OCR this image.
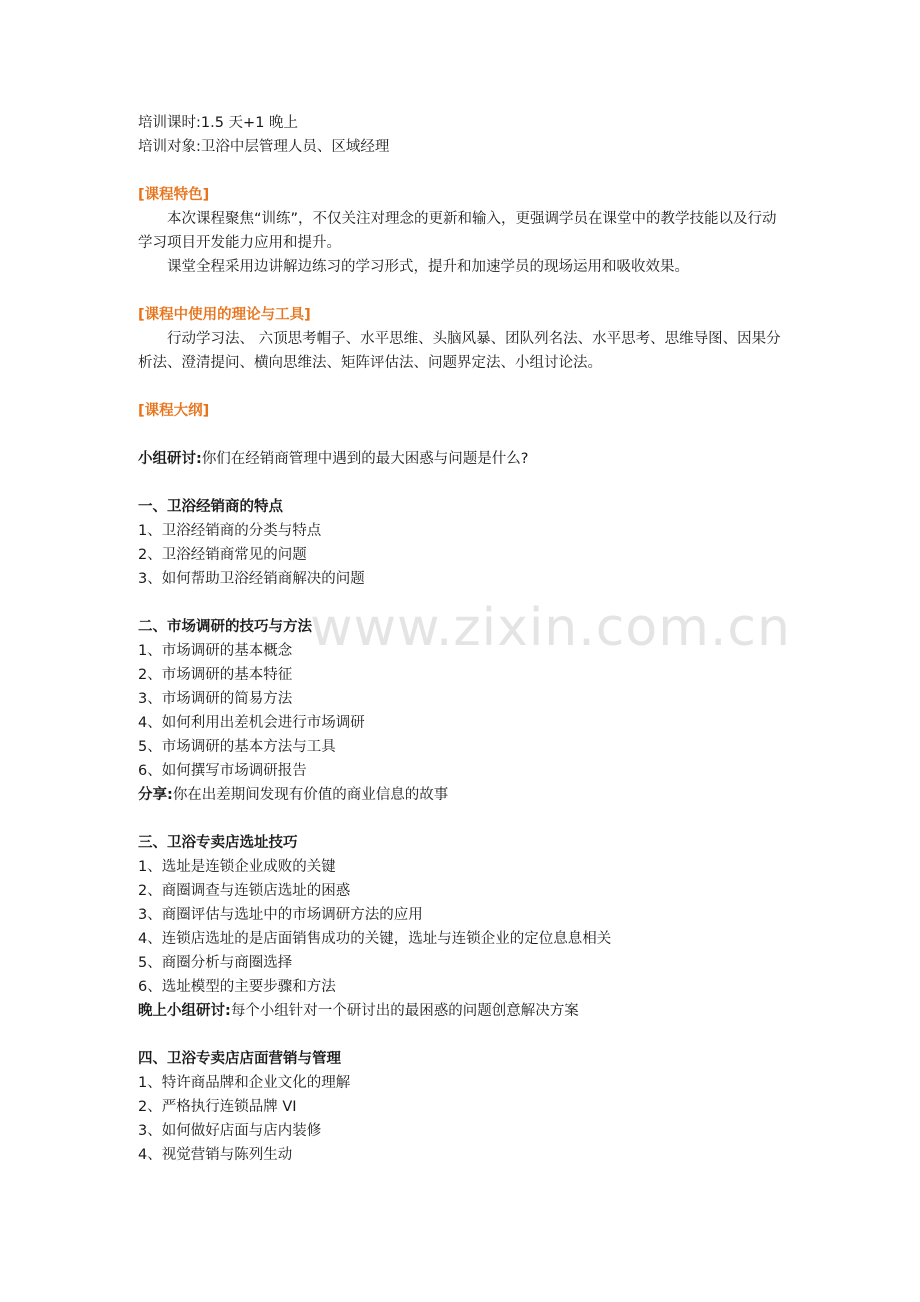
www.zixin.com.cn
培训课时:1.5 天+1 晚上
培训对象:卫浴中层管理人员、区域经理
[课程特色]
本次课程聚焦“训练”，不仅关注对理念的更新和输入，更强调学员在课堂中的教学技能以及行动学习项目开发能力应用和提升。
课堂全程采用边讲解边练习的学习形式，提升和加速学员的现场运用和吸收效果。
[课程中使用的理论与工具]
行动学习法、 六顶思考帽子、水平思维、头脑风暴、团队列名法、水平思考、思维导图、因果分析法、澄清提问、横向思维法、矩阵评估法、问题界定法、小组讨论法。
[课程大纲]
小组研讨:你们在经销商管理中遇到的最大困惑与问题是什么?
一、卫浴经销商的特点
1、卫浴经销商的分类与特点
2、卫浴经销商常见的问题
3、如何帮助卫浴经销商解决的问题
二、市场调研的技巧与方法
1、市场调研的基本概念
2、市场调研的基本特征
3、市场调研的简易方法
4、如何利用出差机会进行市场调研
5、市场调研的基本方法与工具
6、如何撰写市场调研报告
分享:你在出差期间发现有价值的商业信息的故事
三、卫浴专卖店选址技巧
1、选址是连锁企业成败的关键
2、商圈调查与连锁店选址的困惑
3、商圈评估与选址中的市场调研方法的应用
4、连锁店选址的是店面销售成功的关键，选址与连锁企业的定位息息相关
5、商圈分析与商圈选择
6、选址模型的主要步骤和方法
晚上小组研讨:每个小组针对一个研讨出的最困惑的问题创意解决方案
四、卫浴专卖店店面营销与管理
1、特许商品牌和企业文化的理解
2、严格执行连锁品牌 VI
3、如何做好店面与店内装修
4、视觉营销与陈列生动
